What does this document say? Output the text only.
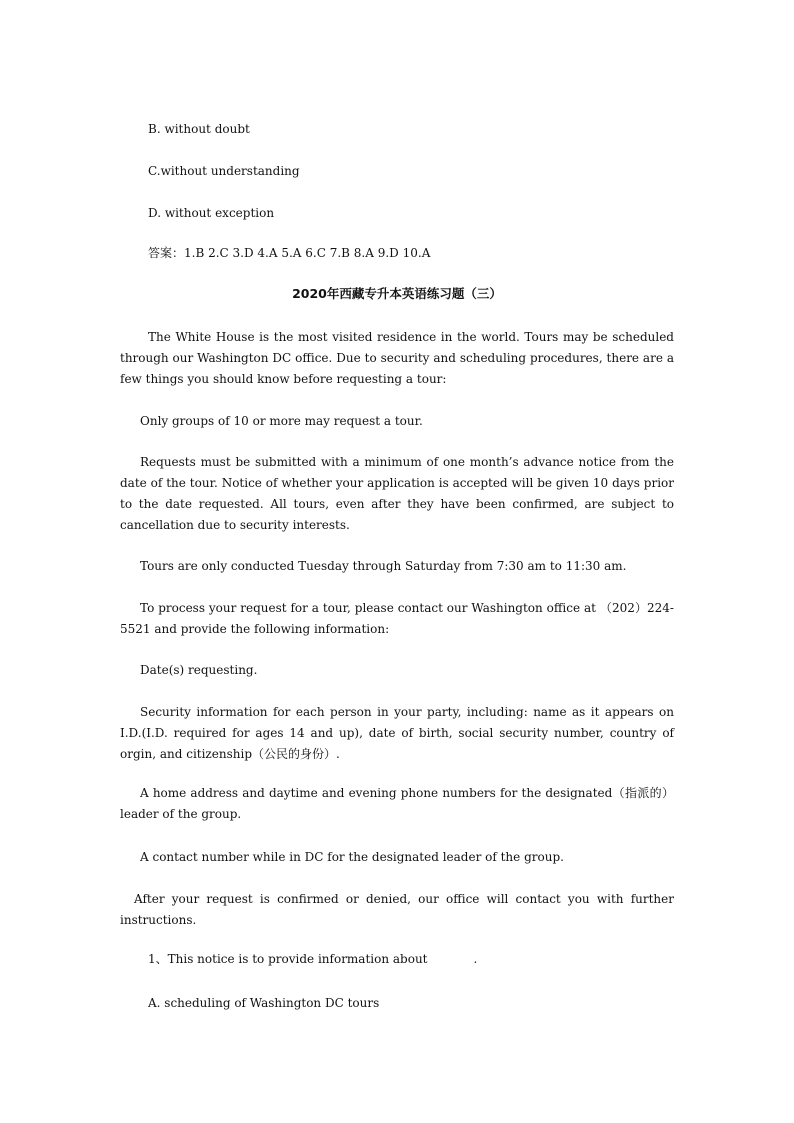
B. without doubt
C.without understanding
D. without exception
答案：1.B 2.C 3.D 4.A 5.A 6.C 7.B 8.A 9.D 10.A
2020年西藏专升本英语练习题（三）
The White House is the most visited residence in the world. Tours may be scheduled through our Washington DC office. Due to security and scheduling procedures, there are a few things you should know before requesting a tour:
Only groups of 10 or more may request a tour.
Requests must be submitted with a minimum of one month’s advance notice from the date of the tour. Notice of whether your application is accepted will be given 10 days prior to the date requested. All tours, even after they have been confirmed, are subject to cancellation due to security interests.
Tours are only conducted Tuesday through Saturday from 7:30 am to 11:30 am.
To process your request for a tour, please contact our Washington office at （202）224-5521 and provide the following information:
Date(s) requesting.
Security information for each person in your party, including: name as it appears on I.D.(I.D. required for ages 14 and up), date of birth, social security number, country of orgin, and citizenship（公民的身份）.
A home address and daytime and evening phone numbers for the designated（指派的）leader of the group.
A contact number while in DC for the designated leader of the group.
After your request is confirmed or denied, our office will contact you with further instructions.
1、This notice is to provide information about	.
A. scheduling of Washington DC tours
